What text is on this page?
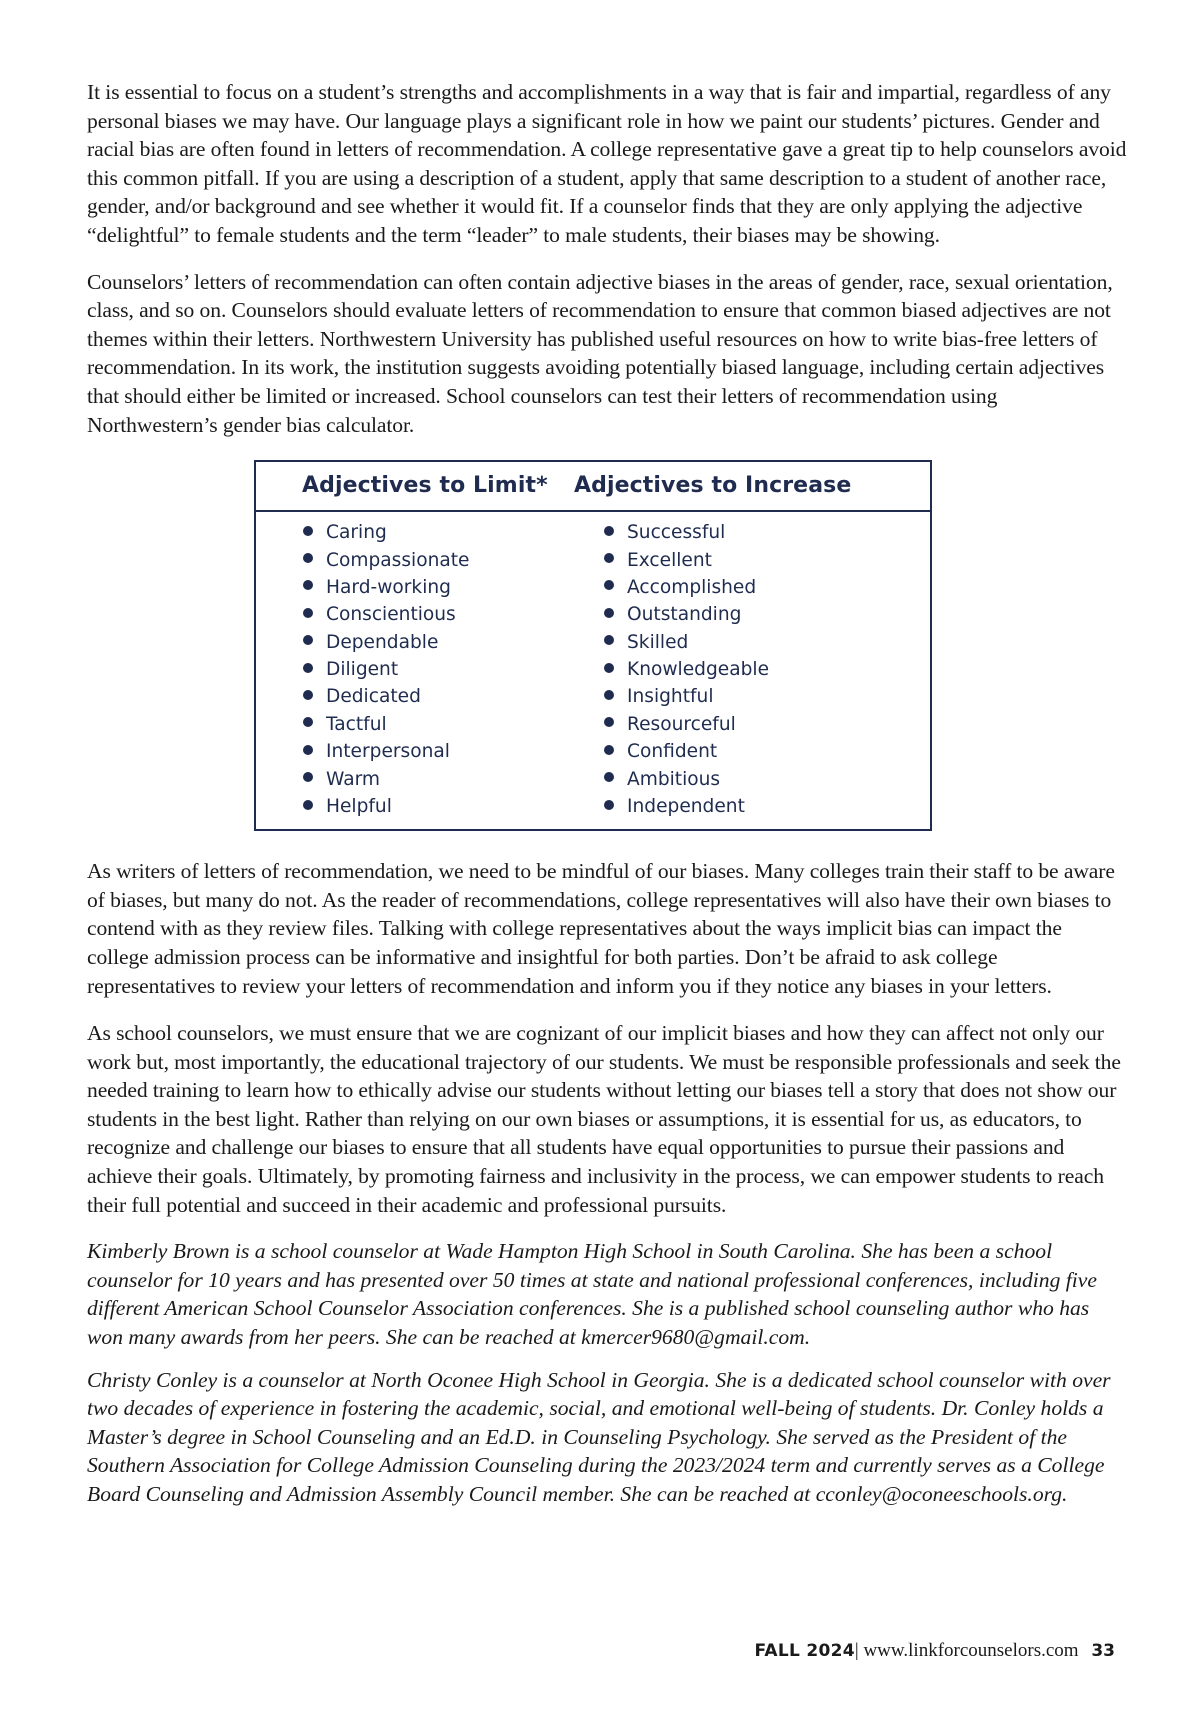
It is essential to focus on a student’s strengths and accomplishments in a way that is fair and impartial, regardless of any personal biases we may have. Our language plays a significant role in how we paint our students’ pictures. Gender and racial bias are often found in letters of recommendation. A college representative gave a great tip to help counselors avoid this common pitfall. If you are using a description of a student, apply that same description to a student of another race, gender, and/or background and see whether it would fit. If a counselor finds that they are only applying the adjective “delightful” to female students and the term “leader” to male students, their biases may be showing.

Counselors’ letters of recommendation can often contain adjective biases in the areas of gender, race, sexual orientation, class, and so on. Counselors should evaluate letters of recommendation to ensure that common biased adjectives are not themes within their letters. Northwestern University has published useful resources on how to write bias-free letters of recommendation. In its work, the institution suggests avoiding potentially biased language, including certain adjectives that should either be limited or increased. School counselors can test their letters of recommendation using Northwestern’s gender bias calculator.

Adjectives to Limit* Adjectives to Increase
Caring
Compassionate
Hard-working
Conscientious
Dependable
Diligent
Dedicated
Tactful
Interpersonal
Warm
Helpful
Successful
Excellent
Accomplished
Outstanding
Skilled
Knowledgeable
Insightful
Resourceful
Confident
Ambitious
Independent

As writers of letters of recommendation, we need to be mindful of our biases. Many colleges train their staff to be aware of biases, but many do not. As the reader of recommendations, college representatives will also have their own biases to contend with as they review files. Talking with college representatives about the ways implicit bias can impact the college admission process can be informative and insightful for both parties. Don’t be afraid to ask college representatives to review your letters of recommendation and inform you if they notice any biases in your letters.

As school counselors, we must ensure that we are cognizant of our implicit biases and how they can affect not only our work but, most importantly, the educational trajectory of our students. We must be responsible professionals and seek the needed training to learn how to ethically advise our students without letting our biases tell a story that does not show our students in the best light. Rather than relying on our own biases or assumptions, it is essential for us, as educators, to recognize and challenge our biases to ensure that all students have equal opportunities to pursue their passions and achieve their goals. Ultimately, by promoting fairness and inclusivity in the process, we can empower students to reach their full potential and succeed in their academic and professional pursuits.

Kimberly Brown is a school counselor at Wade Hampton High School in South Carolina. She has been a school counselor for 10 years and has presented over 50 times at state and national professional conferences, including five different American School Counselor Association conferences. She is a published school counseling author who has won many awards from her peers. She can be reached at kmercer9680@gmail.com.

Christy Conley is a counselor at North Oconee High School in Georgia. She is a dedicated school counselor with over two decades of experience in fostering the academic, social, and emotional well-being of students. Dr. Conley holds a Master’s degree in School Counseling and an Ed.D. in Counseling Psychology. She served as the President of the Southern Association for College Admission Counseling during the 2023/2024 term and currently serves as a College Board Counseling and Admission Assembly Council member. She can be reached at cconley@oconeeschools.org.

FALL 2024| www.linkforcounselors.com 33
